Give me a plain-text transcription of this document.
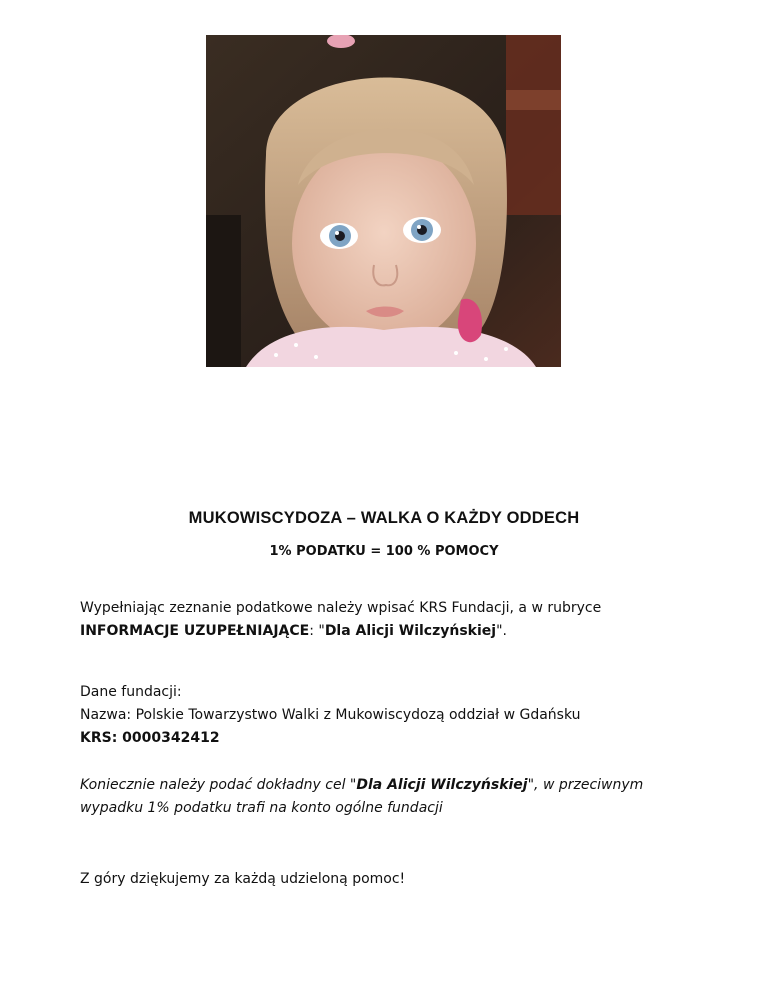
MUKOWISCYDOZA – WALKA O KAŻDY ODDECH
1% PODATKU = 100 % POMOCY

Wypełniając zeznanie podatkowe należy wpisać KRS Fundacji, a w rubryce
INFORMACJE UZUPEŁNIAJĄCE: "Dla Alicji Wilczyńskiej".

Dane fundacji:
Nazwa: Polskie Towarzystwo Walki z Mukowiscydozą oddział w Gdańsku
KRS: 0000342412

Koniecznie należy podać dokładny cel "Dla Alicji Wilczyńskiej", w przeciwnym
wypadku 1% podatku trafi na konto ogólne fundacji

Z góry dziękujemy za każdą udzieloną pomoc!
